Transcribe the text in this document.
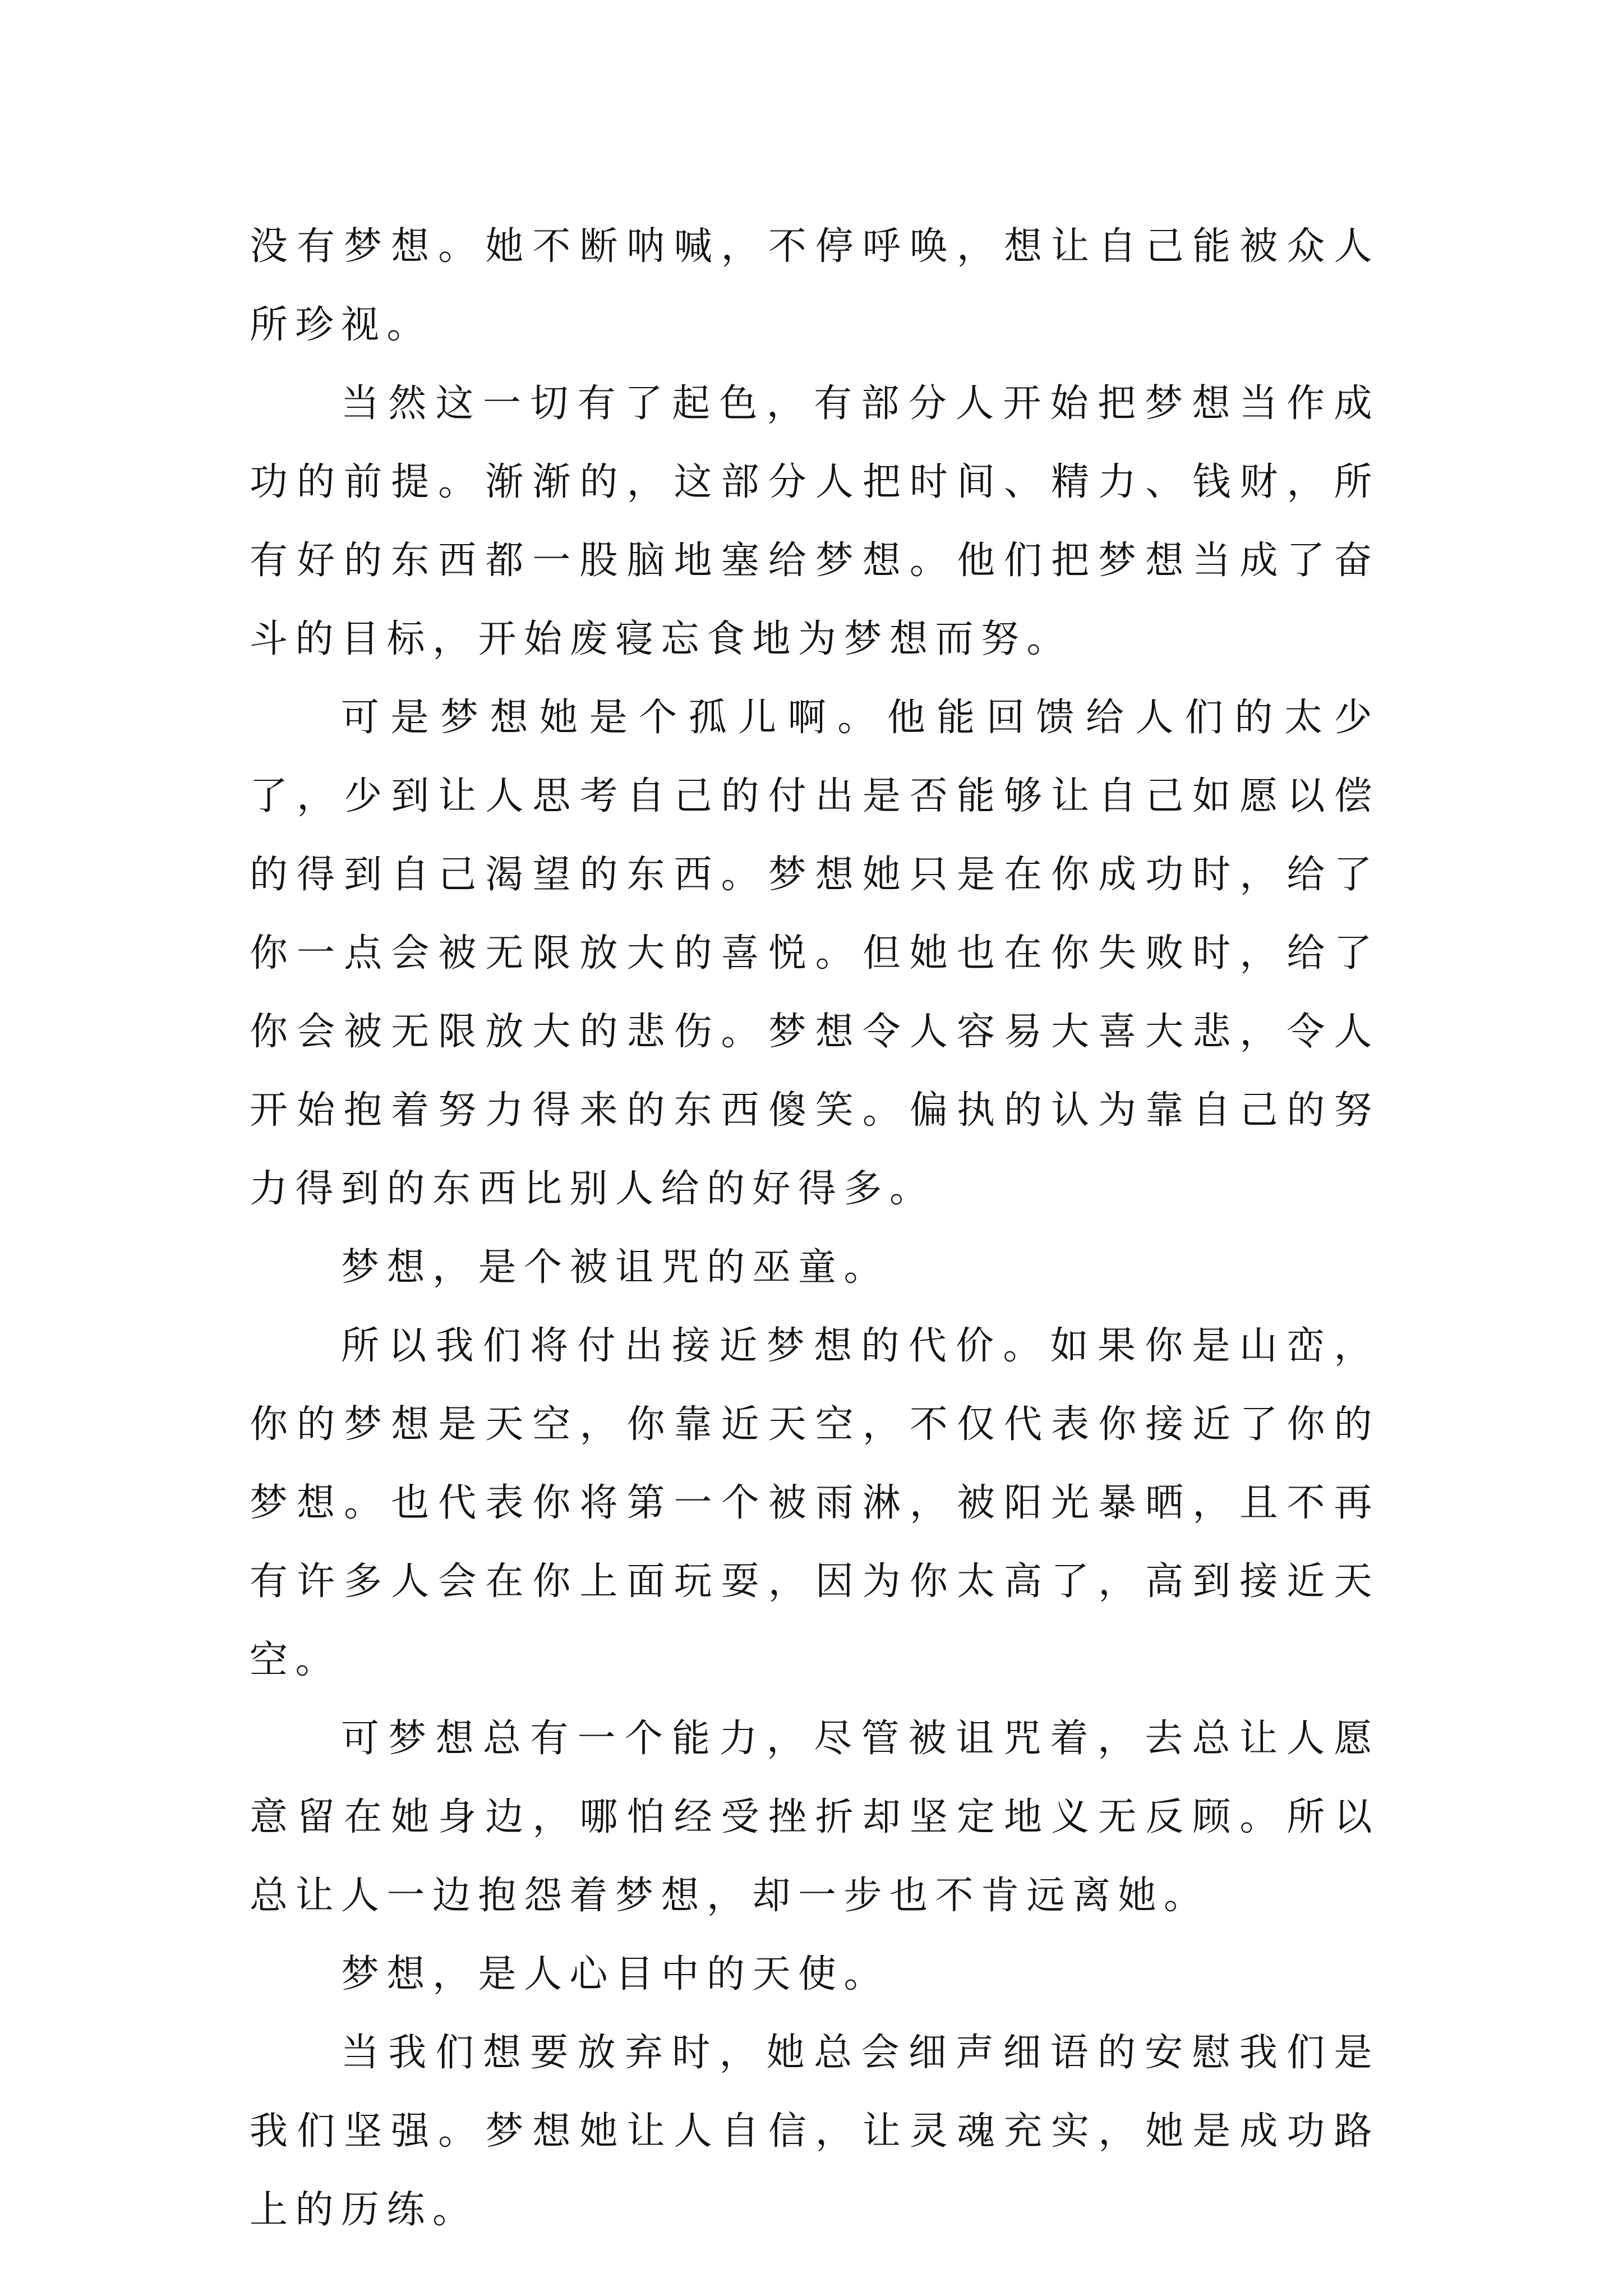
没有梦想。她不断呐喊，不停呼唤，想让自己能被众人所珍视。

当然这一切有了起色，有部分人开始把梦想当作成功的前提。渐渐的，这部分人把时间、精力、钱财，所有好的东西都一股脑地塞给梦想。他们把梦想当成了奋斗的目标，开始废寝忘食地为梦想而努。

可是梦想她是个孤儿啊。他能回馈给人们的太少了，少到让人思考自己的付出是否能够让自己如愿以偿的得到自己渴望的东西。梦想她只是在你成功时，给了你一点会被无限放大的喜悦。但她也在你失败时，给了你会被无限放大的悲伤。梦想令人容易大喜大悲，令人开始抱着努力得来的东西傻笑。偏执的认为靠自己的努力得到的东西比别人给的好得多。

梦想，是个被诅咒的巫童。

所以我们将付出接近梦想的代价。如果你是山峦，你的梦想是天空，你靠近天空，不仅代表你接近了你的梦想。也代表你将第一个被雨淋，被阳光暴晒，且不再有许多人会在你上面玩耍，因为你太高了，高到接近天空。

可梦想总有一个能力，尽管被诅咒着，去总让人愿意留在她身边，哪怕经受挫折却坚定地义无反顾。所以总让人一边抱怨着梦想，却一步也不肯远离她。

梦想，是人心目中的天使。

当我们想要放弃时，她总会细声细语的安慰我们是我们坚强。梦想她让人自信，让灵魂充实，她是成功路上的历练。
